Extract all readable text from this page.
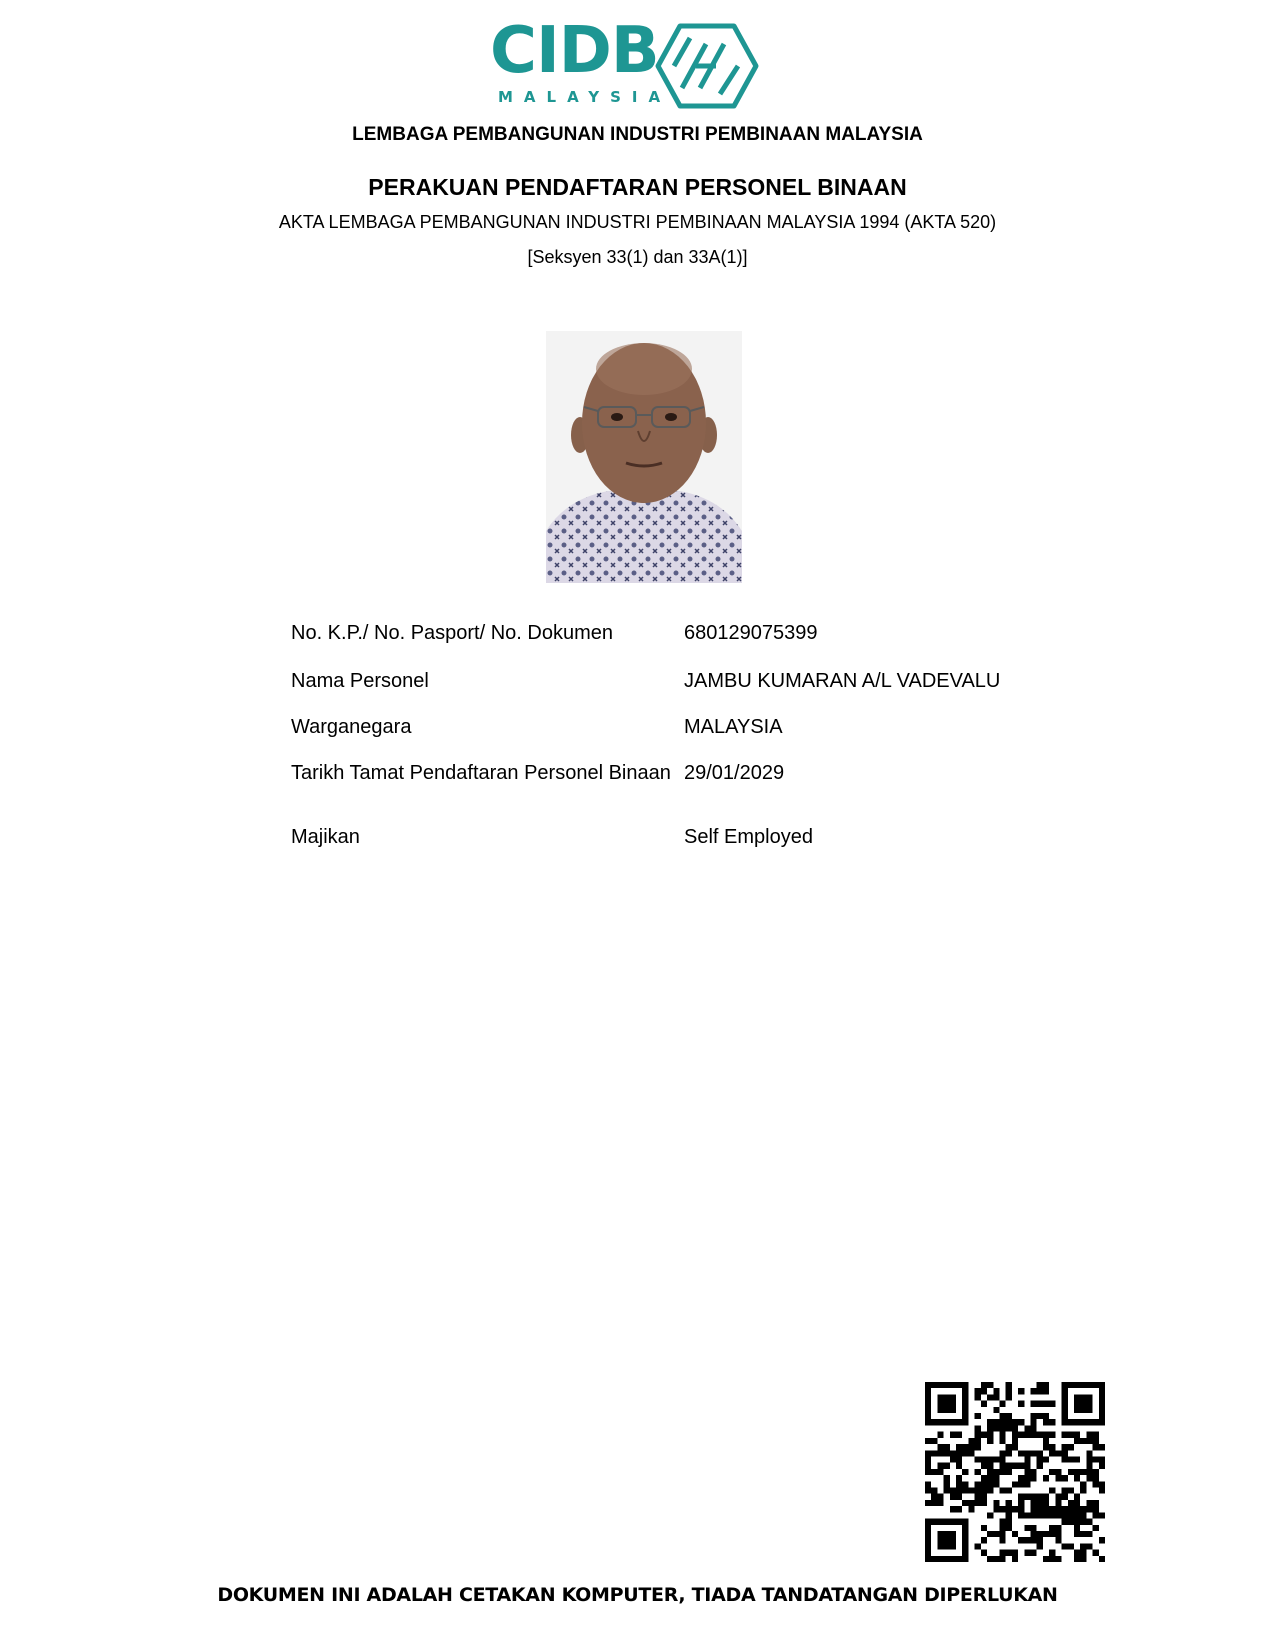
CIDB
MALAYSIA
LEMBAGA PEMBANGUNAN INDUSTRI PEMBINAAN MALAYSIA
PERAKUAN PENDAFTARAN PERSONEL BINAAN
AKTA LEMBAGA PEMBANGUNAN INDUSTRI PEMBINAAN MALAYSIA 1994 (AKTA 520)
[Seksyen 33(1) dan 33A(1)]
No. K.P./ No. Pasport/ No. Dokumen	680129075399
Nama Personel	JAMBU KUMARAN A/L VADEVALU
Warganegara	MALAYSIA
Tarikh Tamat Pendaftaran Personel Binaan 29/01/2029
Majikan	Self Employed
DOKUMEN INI ADALAH CETAKAN KOMPUTER, TIADA TANDATANGAN DIPERLUKAN
